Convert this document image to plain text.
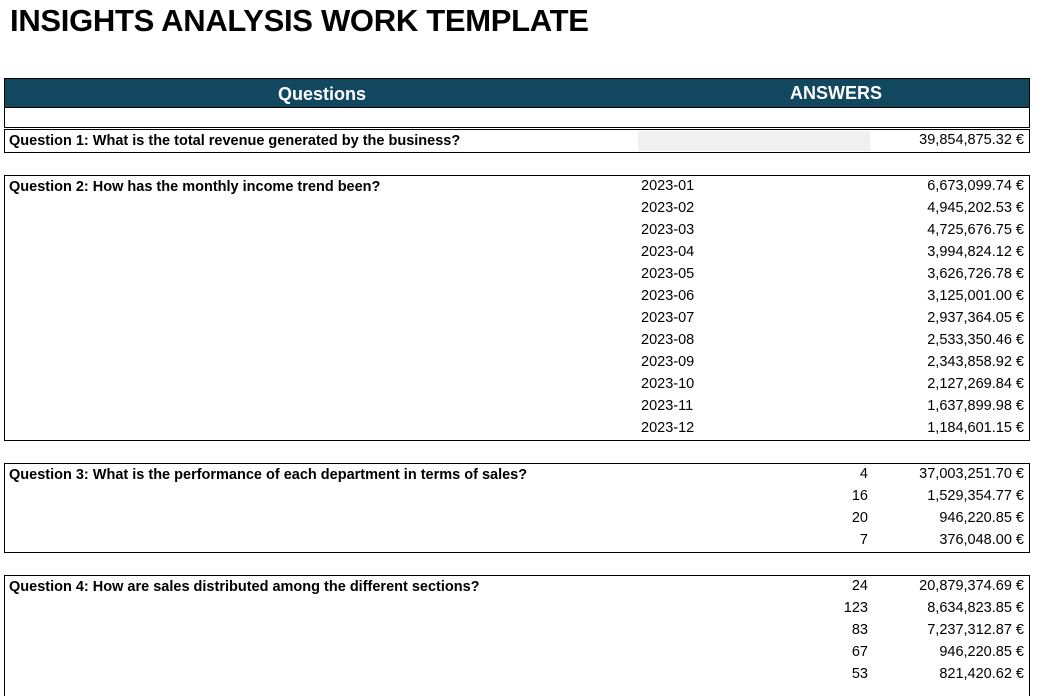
INSIGHTS ANALYSIS WORK TEMPLATE
Questions	ANSWERS
Question 1: What is the total revenue generated by the business?	39,854,875.32 €
Question 2: How has the monthly income trend been?	2023-01	6,673,099.74 €
2023-02	4,945,202.53 €
2023-03	4,725,676.75 €
2023-04	3,994,824.12 €
2023-05	3,626,726.78 €
2023-06	3,125,001.00 €
2023-07	2,937,364.05 €
2023-08	2,533,350.46 €
2023-09	2,343,858.92 €
2023-10	2,127,269.84 €
2023-11	1,637,899.98 €
2023-12	1,184,601.15 €
Question 3: What is the performance of each department in terms of sales?	4	37,003,251.70 €
16	1,529,354.77 €
20	946,220.85 €
7	376,048.00 €
Question 4: How are sales distributed among the different sections?	24	20,879,374.69 €
123	8,634,823.85 €
83	7,237,312.87 €
67	946,220.85 €
53	821,420.62 €
